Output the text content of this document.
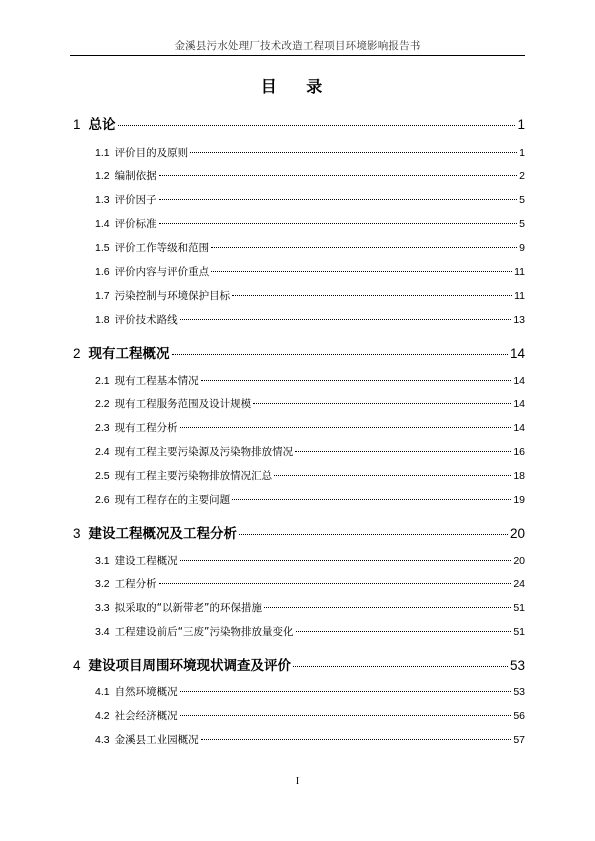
金溪县污水处理厂技术改造工程项目环境影响报告书
目 录
1 总论	1
1.1 评价目的及原则	1
1.2 编制依据	2
1.3 评价因子	5
1.4 评价标准	5
1.5 评价工作等级和范围	9
1.6 评价内容与评价重点	11
1.7 污染控制与环境保护目标	11
1.8 评价技术路线	13
2 现有工程概况	14
2.1 现有工程基本情况	14
2.2 现有工程服务范围及设计规模	14
2.3 现有工程分析	14
2.4 现有工程主要污染源及污染物排放情况	16
2.5 现有工程主要污染物排放情况汇总	18
2.6 现有工程存在的主要问题	19
3 建设工程概况及工程分析	20
3.1 建设工程概况	20
3.2 工程分析	24
3.3 拟采取的“以新带老”的环保措施	51
3.4 工程建设前后“三废”污染物排放量变化	51
4 建设项目周围环境现状调查及评价	53
4.1 自然环境概况	53
4.2 社会经济概况	56
4.3 金溪县工业园概况	57
I
